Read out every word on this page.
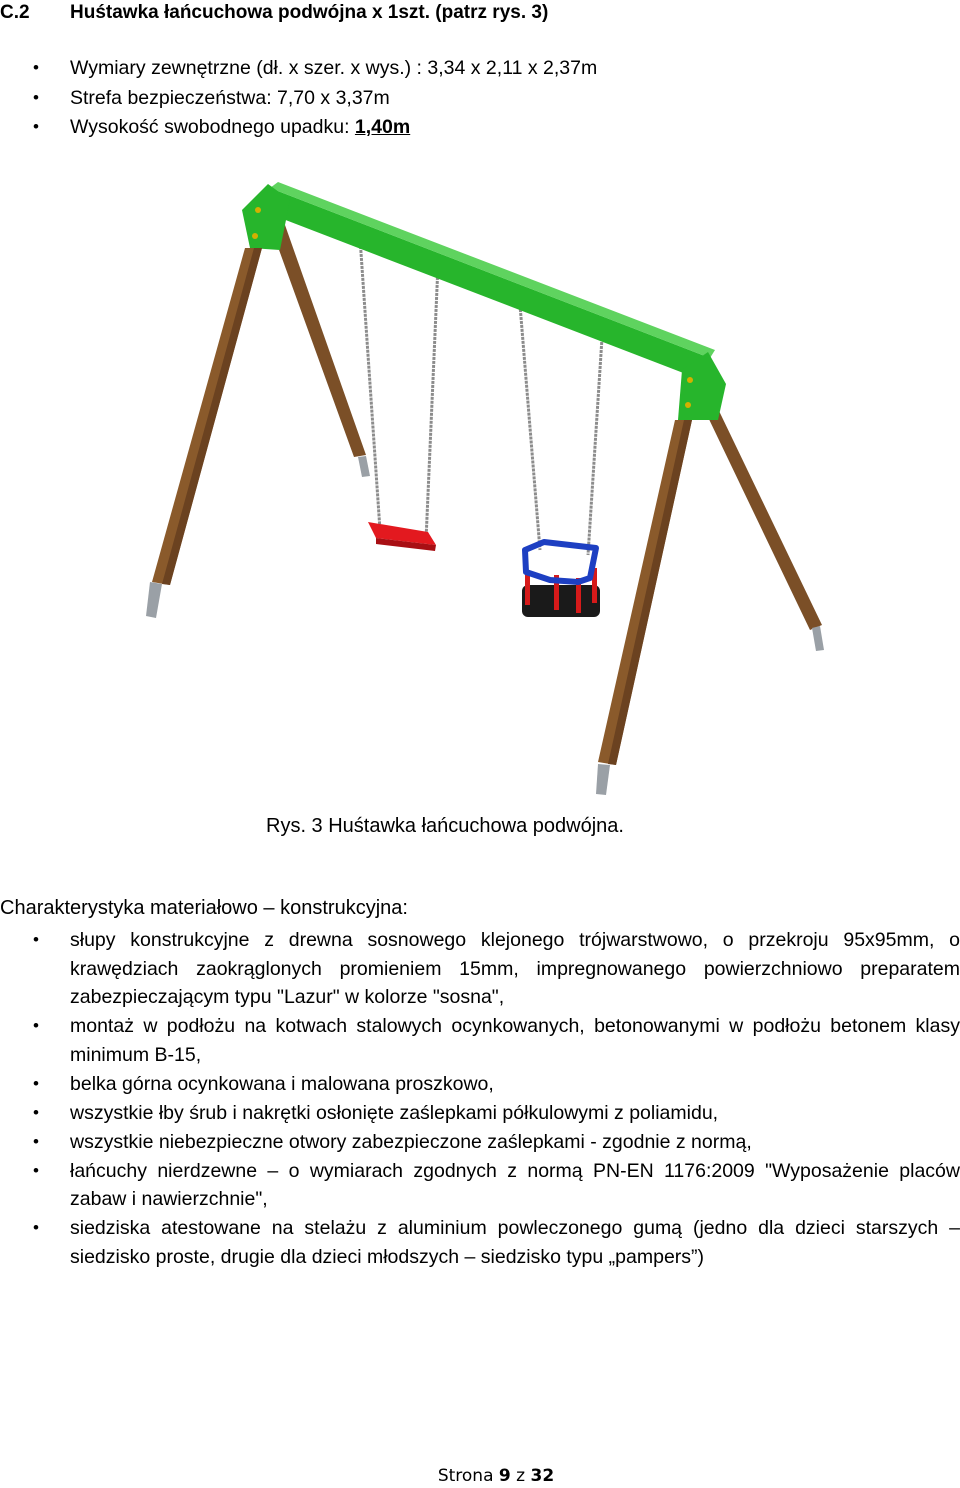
C.2 Huśtawka łańcuchowa podwójna x 1szt. (patrz rys. 3)
• Wymiary zewnętrzne (dł. x szer. x wys.) : 3,34 x 2,11 x 2,37m
• Strefa bezpieczeństwa: 7,70 x 3,37m
• Wysokość swobodnego upadku: 1,40m
Rys. 3 Huśtawka łańcuchowa podwójna.
Charakterystyka materiałowo – konstrukcyjna:
• słupy konstrukcyjne z drewna sosnowego klejonego trójwarstwowo, o przekroju 95x95mm, o krawędziach zaokrąglonych promieniem 15mm, impregnowanego powierzchniowo preparatem zabezpieczającym typu "Lazur" w kolorze "sosna",
• montaż w podłożu na kotwach stalowych ocynkowanych, betonowanymi w podłożu betonem klasy minimum B-15,
• belka górna ocynkowana i malowana proszkowo,
• wszystkie łby śrub i nakrętki osłonięte zaślepkami półkulowymi z poliamidu,
• wszystkie niebezpieczne otwory zabezpieczone zaślepkami - zgodnie z normą,
• łańcuchy nierdzewne – o wymiarach zgodnych z normą PN-EN 1176:2009 "Wyposażenie placów zabaw i nawierzchnie",
• siedziska atestowane na stelażu z aluminium powleczonego gumą (jedno dla dzieci starszych – siedzisko proste, drugie dla dzieci młodszych – siedzisko typu „pampers”)
Strona 9 z 32
